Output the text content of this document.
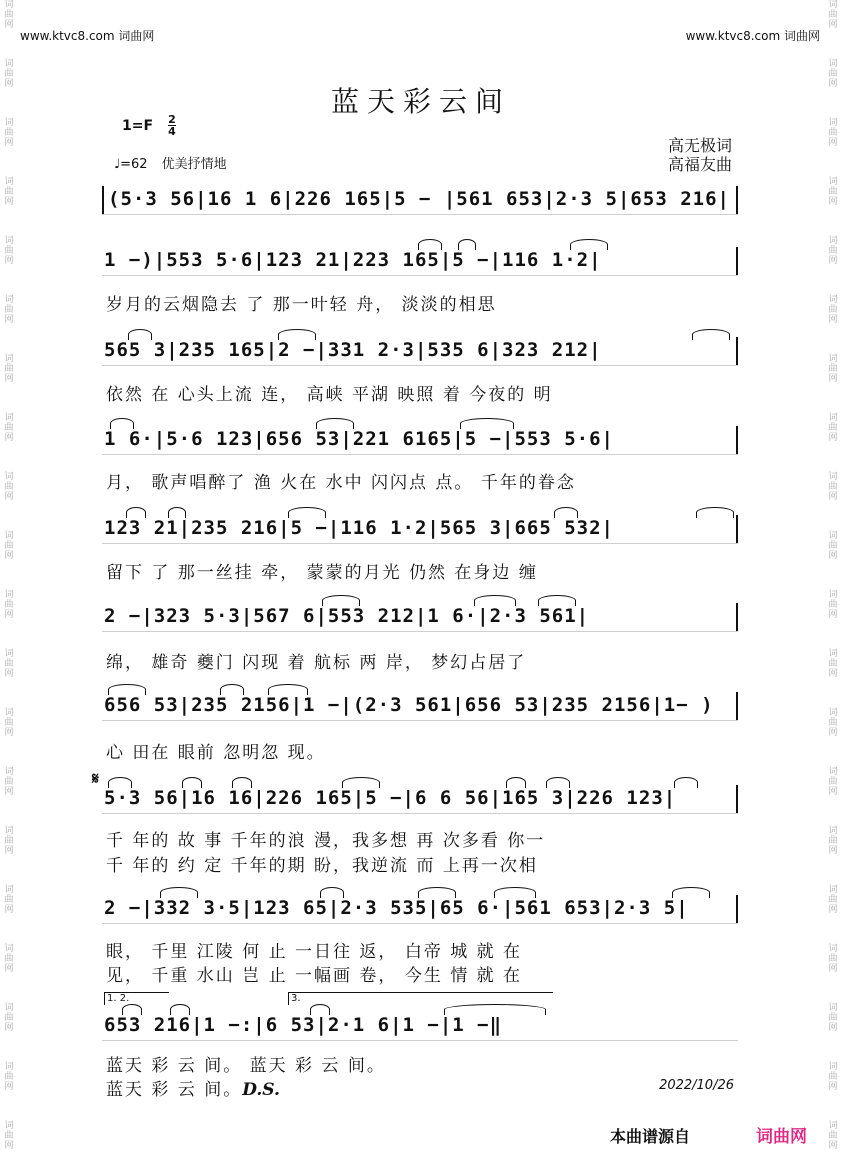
词
曲
网
词
曲
网
词
曲
网
词
曲
网
词
曲
网
词
曲
网
词
曲
网
词
曲
网
词
曲
网
词
曲
网
词
曲
网
词
曲
网
词
曲
网
词
曲
网
词
曲
网
词
曲
网
词
曲
网
词
曲
网
词
曲
网
词
曲
网
词
曲
网
词
曲
网
词
曲
网
词
曲
网
词
曲
网
词
曲
网
词
曲
网
词
曲
网
词
曲
网
词
曲
网
词
曲
网
词
曲
网
词
曲
网
词
曲
网
词
曲
网
词
曲
网
词
曲
网
词
曲
网
词
曲
网
词
曲
网
www.ktvc8.com 词曲网	www.ktvc8.com 词曲网
蓝天彩云间
1=F 2
4
♩=62 优美抒情地
高无极词
高福友曲
(5·3 56|16 1 6|226 165|5 − |561 653|2·3 5|653 216|
1 −)|553 5·6|123 21|223 165|5 −|116 1·2|
岁月的云烟隐去 了 那一叶轻 舟， 淡淡的相思
565 3|235 165|2 −|331 2·3|535 6|323 212|
依然 在 心头上流 连， 高峡 平湖 映照 着 今夜的 明
1 6·|5·6 123|656 53|221 6165|5 −|553 5·6|
月， 歌声唱醉了 渔 火在 水中 闪闪点 点。 千年的眷念
123 21|235 216|5 −|116 1·2|565 3|665 532|
留下 了 那一丝挂 牵， 蒙蒙的月光 仍然 在身边 缠
2 −|323 5·3|567 6|553 212|1 6·|2·3 561|
绵， 雄奇 夔门 闪现 着 航标 两 岸， 梦幻占居了
656 53|235 2156|1 −|(2·3 561|656 53|235 2156|1− )
心 田在 眼前 忽明忽 现。
𝄋
5·3 56|16 16|226 165|5 −|6 6 56|165 3|226 123|
千 年的 故 事 千年的浪 漫，我多想 再 次多看 你一
千 年的 约 定 千年的期 盼，我逆流 而 上再一次相
2 −|332 3·5|123 65|2·3 535|65 6·|561 653|2·3 5|
眼， 千里 江陵 何 止 一日往 返， 白帝 城 就 在
见， 千重 水山 岂 止 一幅画 卷， 今生 情 就 在
1. 2.	3.
653 216|1 −:|6 53|2·1 6|1 −|1 −‖
蓝天 彩 云 间。 蓝天 彩 云 间。
蓝天 彩 云 间。D.S.	2022/10/26
本曲谱源自	词曲网
